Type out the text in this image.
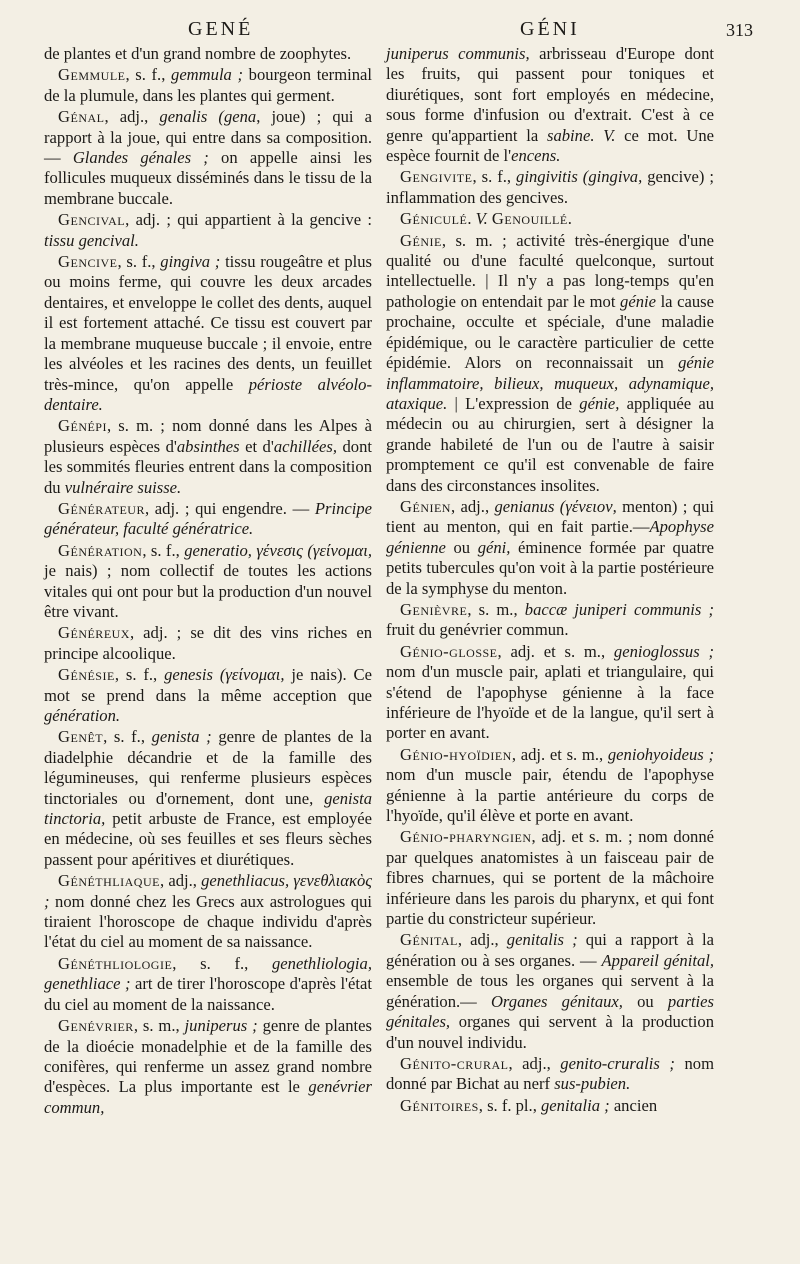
GENÉ	GÉNI	313

de plantes et d'un grand nombre de zoophytes.

Gemmule, s. f., gemmula ; bourgeon terminal de la plumule, dans les plantes qui germent.

Génal, adj., genalis (gena, joue) ; qui a rapport à la joue, qui entre dans sa composition. — Glandes génales ; on appelle ainsi les follicules muqueux disséminés dans le tissu de la membrane buccale.

Gencival, adj. ; qui appartient à la gencive : tissu gencival.

Gencive, s. f., gingiva ; tissu rougeâtre et plus ou moins ferme, qui couvre les deux arcades dentaires, et enveloppe le collet des dents, auquel il est fortement attaché. Ce tissu est couvert par la membrane muqueuse buccale ; il envoie, entre les alvéoles et les racines des dents, un feuillet très-mince, qu'on appelle périoste alvéolo-dentaire.

Génépi, s. m. ; nom donné dans les Alpes à plusieurs espèces d'absinthes et d'achillées, dont les sommités fleuries entrent dans la composition du vulnéraire suisse.

Générateur, adj. ; qui engendre. — Principe générateur, faculté génératrice.

Génération, s. f., generatio, γένεσις (γείνομαι, je nais) ; nom collectif de toutes les actions vitales qui ont pour but la production d'un nouvel être vivant.

Généreux, adj. ; se dit des vins riches en principe alcoolique.

Génésie, s. f., genesis (γείνομαι, je nais). Ce mot se prend dans la même acception que génération.

Genêt, s. f., genista ; genre de plantes de la diadelphie décandrie et de la famille des légumineuses, qui renferme plusieurs espèces tinctoriales ou d'ornement, dont une, genista tinctoria, petit arbuste de France, est employée en médecine, où ses feuilles et ses fleurs sèches passent pour apéritives et diurétiques.

Généthliaque, adj., genethliacus, γενεθλιακὸς ; nom donné chez les Grecs aux astrologues qui tiraient l'horoscope de chaque individu d'après l'état du ciel au moment de sa naissance.

Généthliologie, s. f., genethliologia, genethliace ; art de tirer l'horoscope d'après l'état du ciel au moment de la naissance.

Genévrier, s. m., juniperus ; genre de plantes de la dioécie monadelphie et de la famille des conifères, qui renferme un assez grand nombre d'espèces. La plus importante est le genévrier commun,

juniperus communis, arbrisseau d'Europe dont les fruits, qui passent pour toniques et diurétiques, sont fort employés en médecine, sous forme d'infusion ou d'extrait. C'est à ce genre qu'appartient la sabine. V. ce mot. Une espèce fournit de l'encens.

Gengivite, s. f., gingivitis (gingiva, gencive) ; inflammation des gencives.

Géniculé. V. Genouillé.

Génie, s. m. ; activité très-énergique d'une qualité ou d'une faculté quelconque, surtout intellectuelle. | Il n'y a pas long-temps qu'en pathologie on entendait par le mot génie la cause prochaine, occulte et spéciale, d'une maladie épidémique, ou le caractère particulier de cette épidémie. Alors on reconnaissait un génie inflammatoire, bilieux, muqueux, adynamique, ataxique. | L'expression de génie, appliquée au médecin ou au chirurgien, sert à désigner la grande habileté de l'un ou de l'autre à saisir promptement ce qu'il est convenable de faire dans des circonstances insolites.

Génien, adj., genianus (γένειον, menton) ; qui tient au menton, qui en fait partie.—Apophyse génienne ou géni, éminence formée par quatre petits tubercules qu'on voit à la partie postérieure de la symphyse du menton.

Genièvre, s. m., baccæ juniperi communis ; fruit du genévrier commun.

Génio-glosse, adj. et s. m., genioglossus ; nom d'un muscle pair, aplati et triangulaire, qui s'étend de l'apophyse génienne à la face inférieure de l'hyoïde et de la langue, qu'il sert à porter en avant.

Génio-hyoïdien, adj. et s. m., geniohyoideus ; nom d'un muscle pair, étendu de l'apophyse génienne à la partie antérieure du corps de l'hyoïde, qu'il élève et porte en avant.

Génio-pharyngien, adj. et s. m. ; nom donné par quelques anatomistes à un faisceau pair de fibres charnues, qui se portent de la mâchoire inférieure dans les parois du pharynx, et qui font partie du constricteur supérieur.

Génital, adj., genitalis ; qui a rapport à la génération ou à ses organes. — Appareil génital, ensemble de tous les organes qui servent à la génération.— Organes génitaux, ou parties génitales, organes qui servent à la production d'un nouvel individu.

Génito-crural, adj., genito-cruralis ; nom donné par Bichat au nerf sus-pubien.

Génitoires, s. f. pl., genitalia ; ancien
